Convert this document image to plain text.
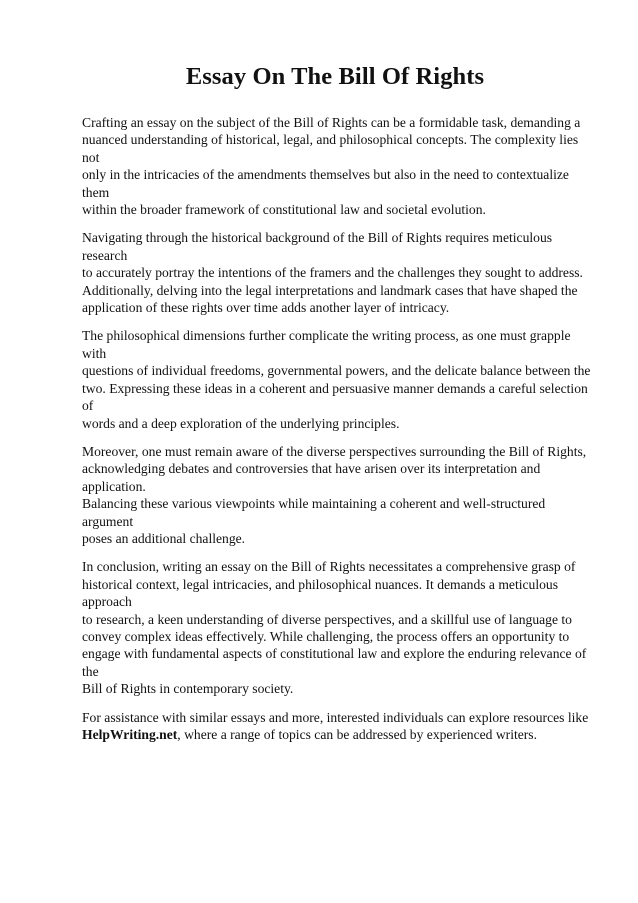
Essay On The Bill Of Rights

Crafting an essay on the subject of the Bill of Rights can be a formidable task, demanding a
nuanced understanding of historical, legal, and philosophical concepts. The complexity lies not
only in the intricacies of the amendments themselves but also in the need to contextualize them
within the broader framework of constitutional law and societal evolution.

Navigating through the historical background of the Bill of Rights requires meticulous research
to accurately portray the intentions of the framers and the challenges they sought to address.
Additionally, delving into the legal interpretations and landmark cases that have shaped the
application of these rights over time adds another layer of intricacy.

The philosophical dimensions further complicate the writing process, as one must grapple with
questions of individual freedoms, governmental powers, and the delicate balance between the
two. Expressing these ideas in a coherent and persuasive manner demands a careful selection of
words and a deep exploration of the underlying principles.

Moreover, one must remain aware of the diverse perspectives surrounding the Bill of Rights,
acknowledging debates and controversies that have arisen over its interpretation and application.
Balancing these various viewpoints while maintaining a coherent and well-structured argument
poses an additional challenge.

In conclusion, writing an essay on the Bill of Rights necessitates a comprehensive grasp of
historical context, legal intricacies, and philosophical nuances. It demands a meticulous approach
to research, a keen understanding of diverse perspectives, and a skillful use of language to
convey complex ideas effectively. While challenging, the process offers an opportunity to
engage with fundamental aspects of constitutional law and explore the enduring relevance of the
Bill of Rights in contemporary society.

For assistance with similar essays and more, interested individuals can explore resources like
HelpWriting.net, where a range of topics can be addressed by experienced writers.
